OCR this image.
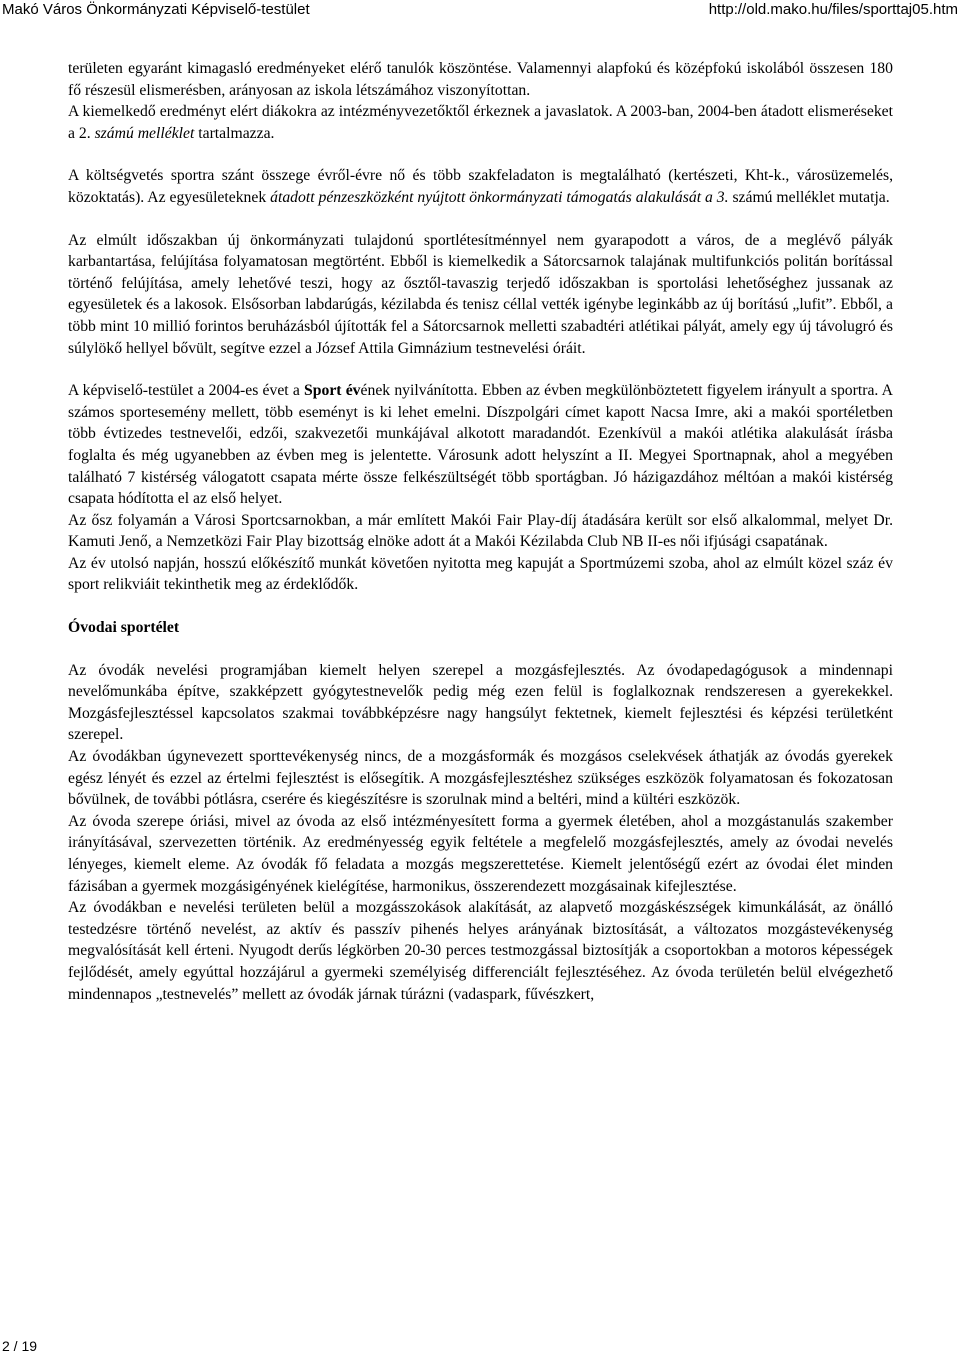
Makó Város Önkormányzati Képviselő-testület	http://old.mako.hu/files/sporttaj05.htm

területen egyaránt kimagasló eredményeket elérő tanulók köszöntése. Valamennyi alapfokú és középfokú iskolából összesen 180 fő részesül elismerésben, arányosan az iskola létszámához viszonyítottan.

A kiemelkedő eredményt elért diákokra az intézményvezetőktől érkeznek a javaslatok. A 2003-ban, 2004-ben átadott elismeréseket a 2. számú melléklet tartalmazza.

A költségvetés sportra szánt összege évről-évre nő és több szakfeladaton is megtalálható (kertészeti, Kht-k., városüzemelés, közoktatás). Az egyesületeknek átadott pénzeszközként nyújtott önkormányzati támogatás alakulását a 3. számú melléklet mutatja.

Az elmúlt időszakban új önkormányzati tulajdonú sportlétesítménnyel nem gyarapodott a város, de a meglévő pályák karbantartása, felújítása folyamatosan megtörtént. Ebből is kiemelkedik a Sátorcsarnok talajának multifunkciós politán borítással történő felújítása, amely lehetővé teszi, hogy az ősztől-tavaszig terjedő időszakban is sportolási lehetőséghez jussanak az egyesületek és a lakosok. Elsősorban labdarúgás, kézilabda és tenisz céllal vették igénybe leginkább az új borítású „lufit”. Ebből, a több mint 10 millió forintos beruházásból újították fel a Sátorcsarnok melletti szabadtéri atlétikai pályát, amely egy új távolugró és súlylökő hellyel bővült, segítve ezzel a József Attila Gimnázium testnevelési óráit.

A képviselő-testület a 2004-es évet a Sport évének nyilvánította. Ebben az évben megkülönböztetett figyelem irányult a sportra. A számos sportesemény mellett, több eseményt is ki lehet emelni. Díszpolgári címet kapott Nacsa Imre, aki a makói sportéletben több évtizedes testnevelői, edzői, szakvezetői munkájával alkotott maradandót. Ezenkívül a makói atlétika alakulását írásba foglalta és még ugyanebben az évben meg is jelentette. Városunk adott helyszínt a II. Megyei Sportnapnak, ahol a megyében található 7 kistérség válogatott csapata mérte össze felkészültségét több sportágban. Jó házigazdához méltóan a makói kistérség csapata hódította el az első helyet.

Az ősz folyamán a Városi Sportcsarnokban, a már említett Makói Fair Play-díj átadására került sor első alkalommal, melyet Dr. Kamuti Jenő, a Nemzetközi Fair Play bizottság elnöke adott át a Makói Kézilabda Club NB II-es női ifjúsági csapatának.

Az év utolsó napján, hosszú előkészítő munkát követően nyitotta meg kapuját a Sportmúzemi szoba, ahol az elmúlt közel száz év sport relikviáit tekinthetik meg az érdeklődők.

Óvodai sportélet

Az óvodák nevelési programjában kiemelt helyen szerepel a mozgásfejlesztés. Az óvodapedagógusok a mindennapi nevelőmunkába építve, szakképzett gyógytestnevelők pedig még ezen felül is foglalkoznak rendszeresen a gyerekekkel. Mozgásfejlesztéssel kapcsolatos szakmai továbbképzésre nagy hangsúlyt fektetnek, kiemelt fejlesztési és képzési területként szerepel.

Az óvodákban úgynevezett sporttevékenység nincs, de a mozgásformák és mozgásos cselekvések áthatják az óvodás gyerekek egész lényét és ezzel az értelmi fejlesztést is elősegítik. A mozgásfejlesztéshez szükséges eszközök folyamatosan és fokozatosan bővülnek, de további pótlásra, cserére és kiegészítésre is szorulnak mind a beltéri, mind a kültéri eszközök.

Az óvoda szerepe óriási, mivel az óvoda az első intézményesített forma a gyermek életében, ahol a mozgástanulás szakember irányításával, szervezetten történik. Az eredményesség egyik feltétele a megfelelő mozgásfejlesztés, amely az óvodai nevelés lényeges, kiemelt eleme. Az óvodák fő feladata a mozgás megszerettetése. Kiemelt jelentőségű ezért az óvodai élet minden fázisában a gyermek mozgásigényének kielégítése, harmonikus, összerendezett mozgásainak kifejlesztése.

Az óvodákban e nevelési területen belül a mozgásszokások alakítását, az alapvető mozgáskészségek kimunkálását, az önálló testedzésre történő nevelést, az aktív és passzív pihenés helyes arányának biztosítását, a változatos mozgástevékenység megvalósítását kell érteni. Nyugodt derűs légkörben 20-30 perces testmozgással biztosítják a csoportokban a motoros képességek fejlődését, amely egyúttal hozzájárul a gyermeki személyiség differenciált fejlesztéséhez. Az óvoda területén belül elvégezhető mindennapos „testnevelés” mellett az óvodák járnak túrázni (vadaspark, fűvészkert,

2 / 19
